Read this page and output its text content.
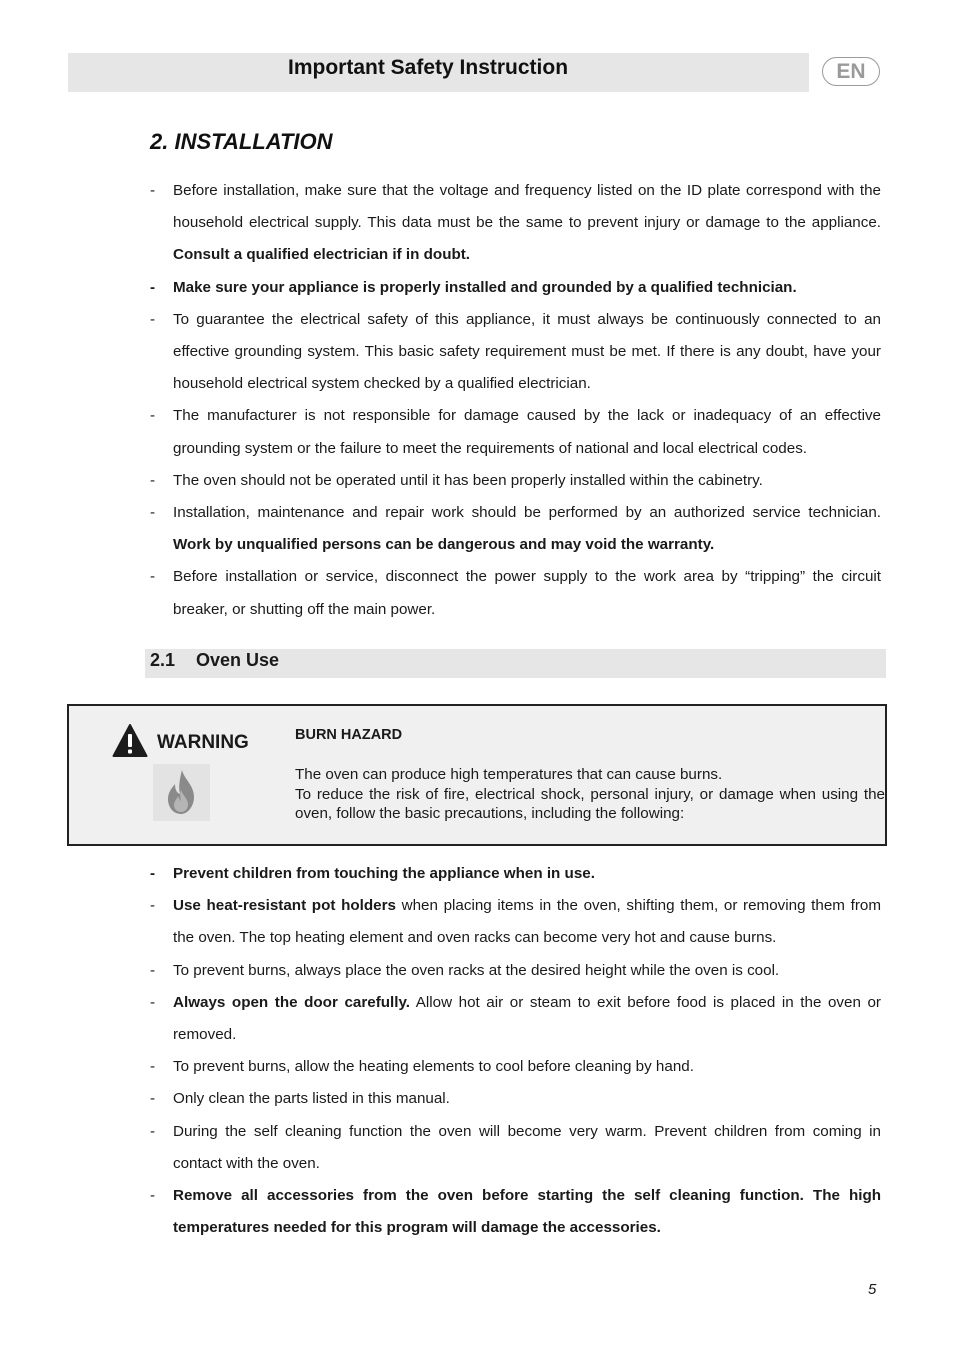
Important Safety Instruction	EN
2. INSTALLATION
- Before installation, make sure that the voltage and frequency listed on the ID plate correspond with the household electrical supply. This data must be the same to prevent injury or damage to the appliance. Consult a qualified electrician if in doubt.
- Make sure your appliance is properly installed and grounded by a qualified technician.
- To guarantee the electrical safety of this appliance, it must always be continuously connected to an effective grounding system. This basic safety requirement must be met. If there is any doubt, have your household electrical system checked by a qualified electrician.
- The manufacturer is not responsible for damage caused by the lack or inadequacy of an effective grounding system or the failure to meet the requirements of national and local electrical codes.
- The oven should not be operated until it has been properly installed within the cabinetry.
- Installation, maintenance and repair work should be performed by an authorized service technician. Work by unqualified persons can be dangerous and may void the warranty.
- Before installation or service, disconnect the power supply to the work area by “tripping” the circuit breaker, or shutting off the main power.
2.1 Oven Use
WARNING	BURN HAZARD

The oven can produce high temperatures that can cause burns.

To reduce the risk of fire, electrical shock, personal injury, or damage when using the oven, follow the basic precautions, including the following:

- Prevent children from touching the appliance when in use.
- Use heat-resistant pot holders when placing items in the oven, shifting them, or removing them from the oven. The top heating element and oven racks can become very hot and cause burns.
- To prevent burns, always place the oven racks at the desired height while the oven is cool.
- Always open the door carefully. Allow hot air or steam to exit before food is placed in the oven or removed.
- To prevent burns, allow the heating elements to cool before cleaning by hand.
- Only clean the parts listed in this manual.
- During the self cleaning function the oven will become very warm. Prevent children from coming in contact with the oven.
- Remove all accessories from the oven before starting the self cleaning function. The high temperatures needed for this program will damage the accessories.
5
